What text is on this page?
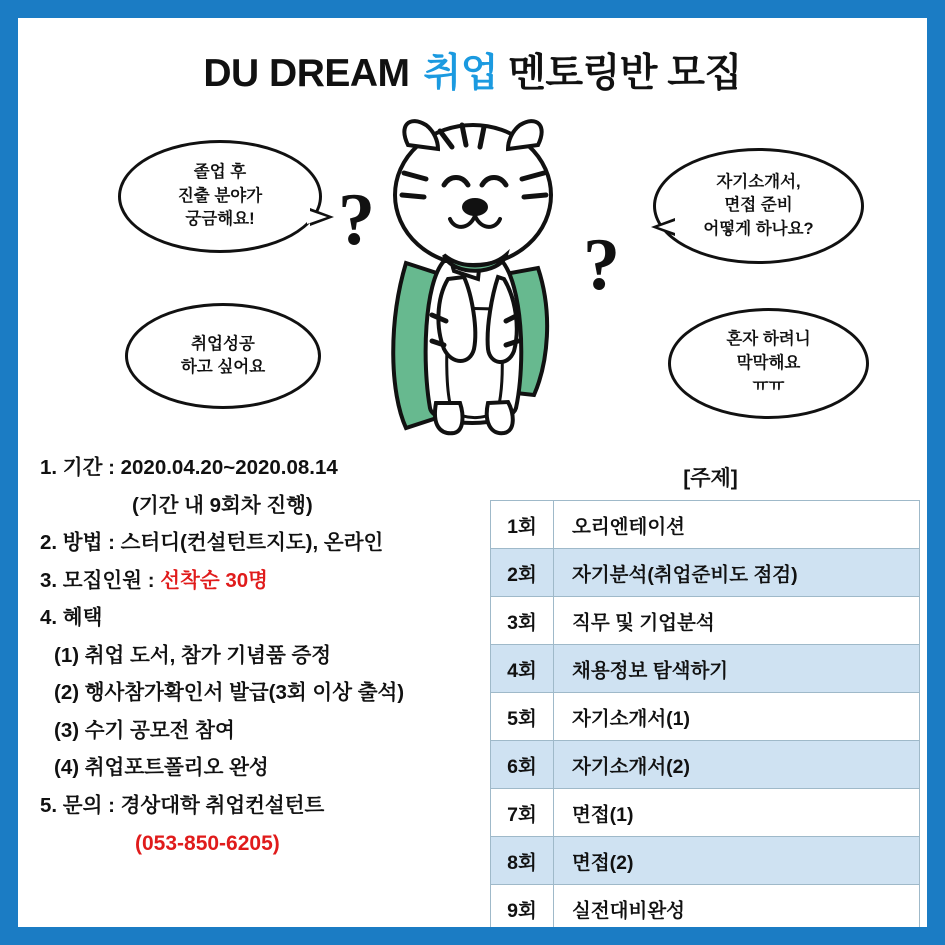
DU DREAM 취업 멘토링반 모집
?
?
졸업 후
진출 분야가
궁금해요!
취업성공
하고 싶어요
자기소개서,
면접 준비
어떻게 하나요?
혼자 하려니
막막해요
ㅠㅠ
1. 기간 : 2020.04.20~2020.08.14
(기간 내 9회차 진행)
2. 방법 : 스터디(컨설턴트지도), 온라인
3. 모집인원 : 선착순 30명
4. 혜택
(1) 취업 도서, 참가 기념품 증정
(2) 행사참가확인서 발급(3회 이상 출석)
(3) 수기 공모전 참여
(4) 취업포트폴리오 완성
5. 문의 : 경상대학 취업컨설턴트
(053-850-6205)
[주제]
1회	오리엔테이션
2회	자기분석(취업준비도 점검)
3회	직무 및 기업분석
4회	채용정보 탐색하기
5회	자기소개서(1)
6회	자기소개서(2)
7회	면접(1)
8회	면접(2)
9회	실전대비완성
